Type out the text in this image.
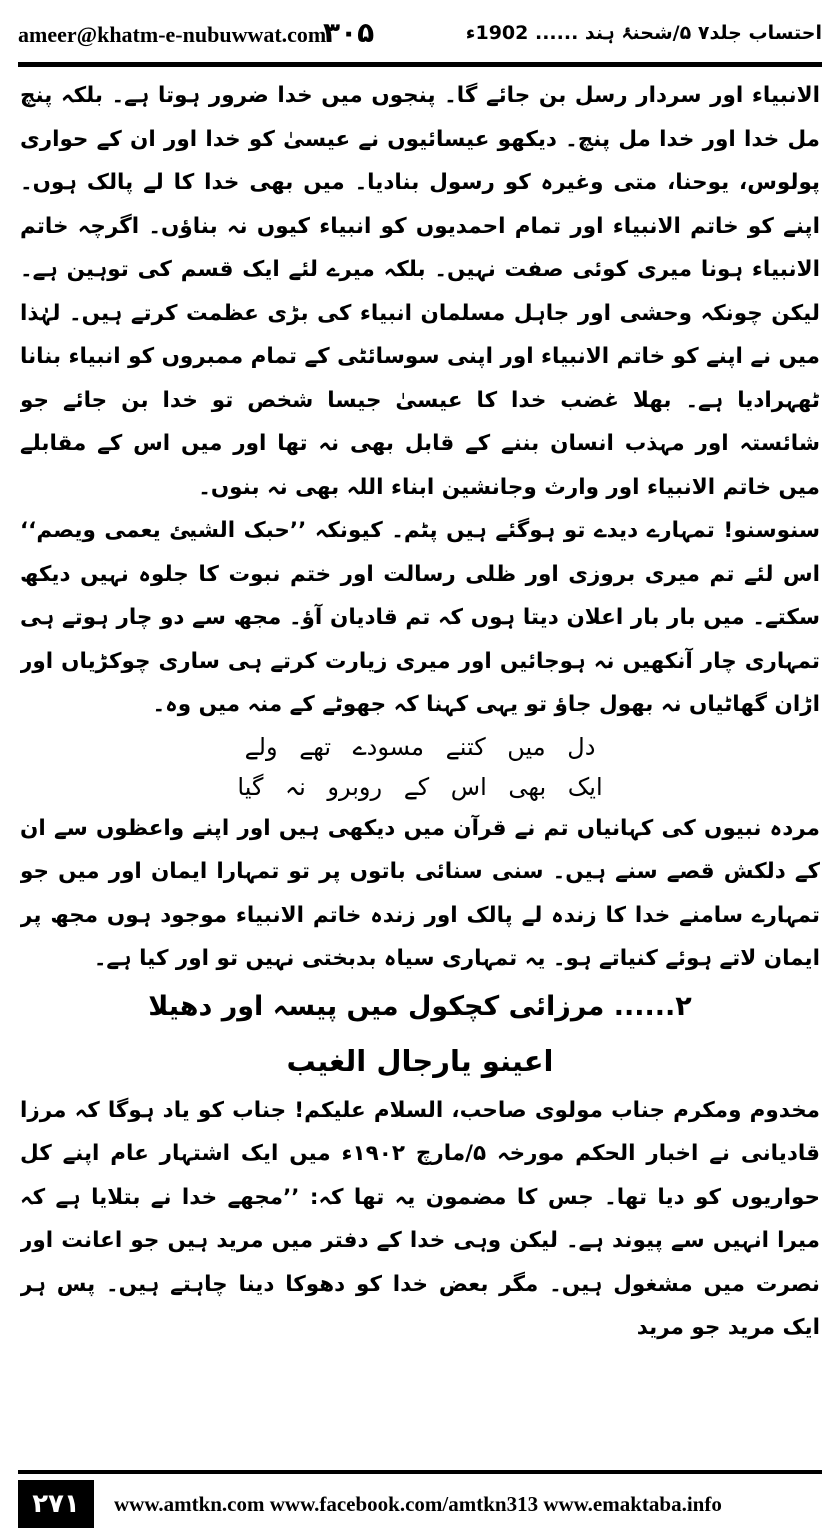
ameer@khatm-e-nubuwwat.com
۳۰۵	احتساب جلد۷ ۵/شحنۂ ہند ...... 1902ء

الانبیاء اور سردار رسل بن جائے گا۔ پنجوں میں خدا ضرور ہوتا ہے۔ بلکہ پنچ مل خدا اور خدا مل پنچ۔ دیکھو عیسائیوں نے عیسیٰ کو خدا اور ان کے حواری پولوس، یوحنا، متی وغیرہ کو رسول بنادیا۔ میں بھی خدا کا لے پالک ہوں۔ اپنے کو خاتم الانبیاء اور تمام احمدیوں کو انبیاء کیوں نہ بناؤں۔ اگرچہ خاتم الانبیاء ہونا میری کوئی صفت نہیں۔ بلکہ میرے لئے ایک قسم کی توہین ہے۔ لیکن چونکہ وحشی اور جاہل مسلمان انبیاء کی بڑی عظمت کرتے ہیں۔ لہٰذا میں نے اپنے کو خاتم الانبیاء اور اپنی سوسائٹی کے تمام ممبروں کو انبیاء بنانا ٹھہرادیا ہے۔ بھلا غضب خدا کا عیسیٰ جیسا شخص تو خدا بن جائے جو شائستہ اور مہذب انسان بننے کے قابل بھی نہ تھا اور میں اس کے مقابلے میں خاتم الانبیاء اور وارث وجانشین ابناء اللہ بھی نہ بنوں۔

سنوسنو! تمہارے دیدے تو ہوگئے ہیں پٹم۔ کیونکہ ’’حبک الشیئ یعمی ویصم‘‘ اس لئے تم میری بروزی اور ظلی رسالت اور ختم نبوت کا جلوہ نہیں دیکھ سکتے۔ میں بار بار اعلان دیتا ہوں کہ تم قادیان آؤ۔ مجھ سے دو چار ہوتے ہی تمہاری چار آنکھیں نہ ہوجائیں اور میری زیارت کرتے ہی ساری چوکڑیاں اور اڑان گھاٹیاں نہ بھول جاؤ تو یہی کہنا کہ جھوٹے کے منہ میں وہ۔

دل میں کتنے مسودے تھے ولے

ایک بھی اس کے روبرو نہ گیا

مردہ نبیوں کی کہانیاں تم نے قرآن میں دیکھی ہیں اور اپنے واعظوں سے ان کے دلکش قصے سنے ہیں۔ سنی سنائی باتوں پر تو تمہارا ایمان اور میں جو تمہارے سامنے خدا کا زندہ لے پالک اور زندہ خاتم الانبیاء موجود ہوں مجھ پر ایمان لاتے ہوئے کنیاتے ہو۔ یہ تمہاری سیاہ بدبختی نہیں تو اور کیا ہے۔

۲...... مرزائی کچکول میں پیسہ اور دھیلا

اعینو یارجال الغیب

مخدوم ومکرم جناب مولوی صاحب، السلام علیکم! جناب کو یاد ہوگا کہ مرزا قادیانی نے اخبار الحکم مورخہ ۵/مارچ ۱۹۰۲ء میں ایک اشتہار عام اپنے کل حواریوں کو دیا تھا۔ جس کا مضمون یہ تھا کہ: ’’مجھے خدا نے بتلایا ہے کہ میرا انہیں سے پیوند ہے۔ لیکن وہی خدا کے دفتر میں مرید ہیں جو اعانت اور نصرت میں مشغول ہیں۔ مگر بعض خدا کو دھوکا دینا چاہتے ہیں۔ پس ہر ایک مرید جو مرید

۲۷۱	www.amtkn.com www.facebook.com/amtkn313 www.emaktaba.info
